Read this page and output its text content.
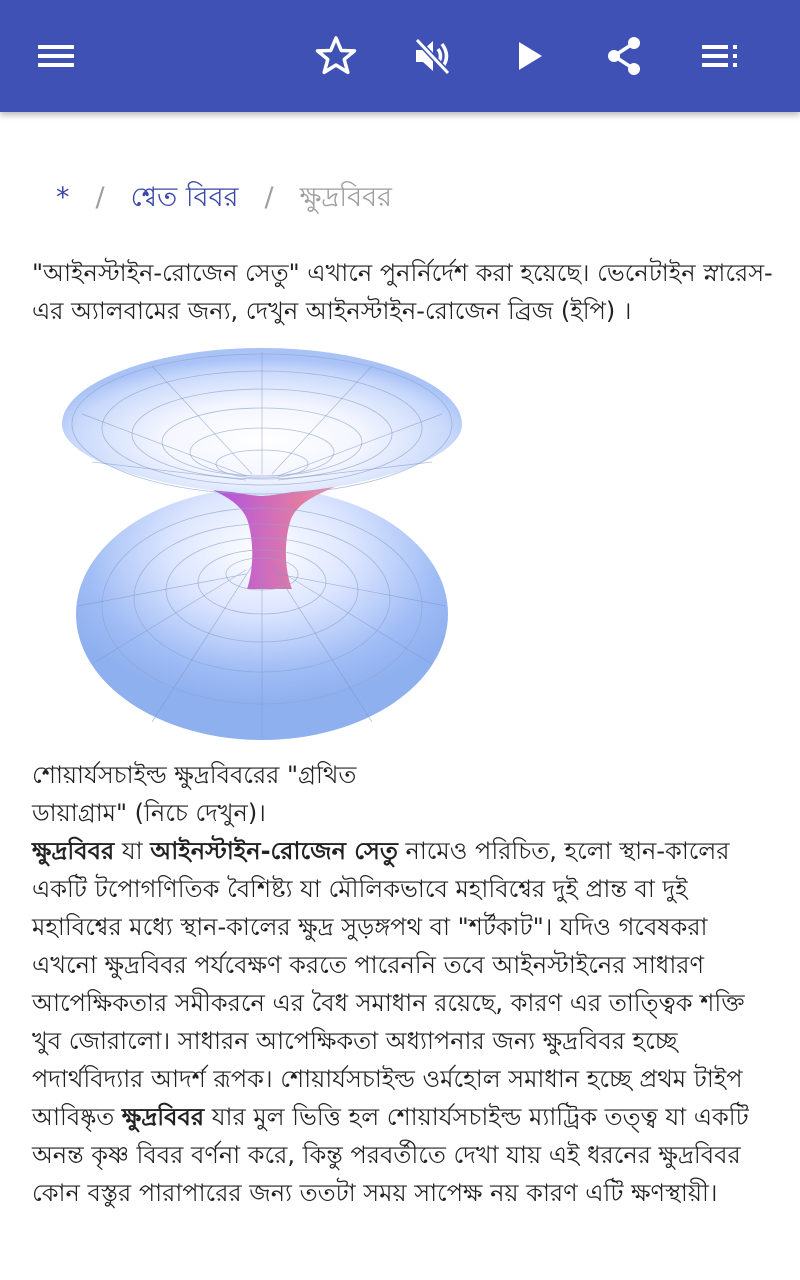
* / শ্বেত বিবর / ক্ষুদ্রবিবর

"আইনস্টাইন-রোজেন সেতু" এখানে পুনর্নির্দেশ করা হয়েছে। ভেনেটাইন স্নারেস-এর অ্যালবামের জন্য, দেখুন আইনস্টাইন-রোজেন ব্রিজ (ইপি) ।

শোয়ার্যসচাইল্ড ক্ষুদ্রবিবরের "গ্রথিত
ডায়াগ্রাম" (নিচে দেখুন)।

ক্ষুদ্রবিবর যা আইনস্টাইন-রোজেন সেতু নামেও পরিচিত, হলো স্থান-কালের একটি টপোগণিতিক বৈশিষ্ট্য যা মৌলিকভাবে মহাবিশ্বের দুই প্রান্ত বা দুই মহাবিশ্বের মধ্যে স্থান-কালের ক্ষুদ্র সুড়ঙ্গপথ বা "শর্টকাট"। যদিও গবেষকরা এখনো ক্ষুদ্রবিবর পর্যবেক্ষণ করতে পারেননি তবে আইনস্টাইনের সাধারণ আপেক্ষিকতার সমীকরনে এর বৈধ সমাধান রয়েছে, কারণ এর তাত্ত্বিক শক্তি খুব জোরালো। সাধারন আপেক্ষিকতা অধ্যাপনার জন্য ক্ষুদ্রবিবর হচ্ছে পদার্থবিদ্যার আদর্শ রূপক। শোয়ার্যসচাইল্ড ওর্মহোল সমাধান হচ্ছে প্রথম টাইপ আবিষ্কৃত ক্ষুদ্রবিবর যার মুল ভিত্তি হল শোয়ার্যসচাইল্ড ম্যাট্রিক তত্ত্ব যা একটি অনন্ত কৃষ্ণ বিবর বর্ণনা করে, কিন্তু পরবর্তীতে দেখা যায় এই ধরনের ক্ষুদ্রবিবর কোন বস্তুর পারাপারের জন্য ততটা সময় সাপেক্ষ নয় কারণ এটি ক্ষণস্থায়ী।
